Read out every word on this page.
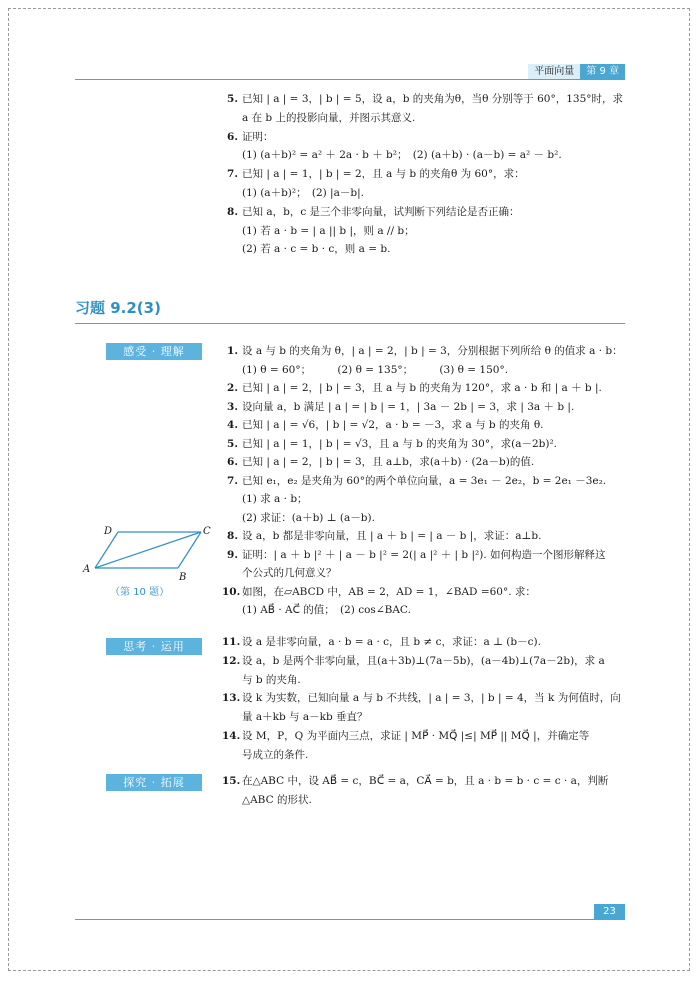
平面向量	第 9 章
5. 已知 | a | = 3，| b | = 5，设 a，b 的夹角为θ，当θ 分别等于 60°，135°时，求
a 在 b 上的投影向量，并图示其意义.
6. 证明：
(1) (a＋b)² = a² ＋ 2a · b ＋ b²；　(2) (a＋b) · (a－b) = a² － b².
7. 已知 | a | = 1，| b | = 2，且 a 与 b 的夹角θ 为 60°，求：
(1) (a＋b)²；　(2) |a－b|.
8. 已知 a，b，c 是三个非零向量，试判断下列结论是否正确：
(1) 若 a · b = | a || b |，则 a // b；
(2) 若 a · c = b · c，则 a = b.
习题 9.2(3)
感受 · 理解
思考 · 运用
探究 · 拓展
1. 设 a 与 b 的夹角为 θ，| a | = 2，| b | = 3，分别根据下列所给 θ 的值求 a · b：
(1) θ = 60°；　　　(2) θ = 135°；　　　(3) θ = 150°.
2. 已知 | a | = 2，| b | = 3，且 a 与 b 的夹角为 120°，求 a · b 和 | a ＋ b |.
3. 设向量 a，b 满足 | a | = | b | = 1，| 3a － 2b | = 3，求 | 3a ＋ b |.
4. 已知 | a | = √6，| b | = √2，a · b = －3，求 a 与 b 的夹角 θ.
5. 已知 | a | = 1，| b | = √3，且 a 与 b 的夹角为 30°，求(a－2b)².
6. 已知 | a | = 2，| b | = 3，且 a⊥b，求(a＋b) · (2a－b)的值.
7. 已知 e₁，e₂ 是夹角为 60°的两个单位向量，a = 3e₁ － 2e₂，b = 2e₁ －3e₂.
(1) 求 a · b；
(2) 求证：(a＋b) ⊥ (a－b).
8. 设 a，b 都是非零向量，且 | a ＋ b | = | a － b |，求证：a⊥b.
9. 证明：| a ＋ b |² ＋ | a － b |² = 2(| a |² ＋ | b |²). 如何构造一个图形解释这
个公式的几何意义？
10. 如图，在▱ABCD 中，AB = 2，AD = 1，∠BAD =60°. 求：
(1) AB⃗ · AC⃗ 的值；　(2) cos∠BAC.
11. 设 a 是非零向量，a · b = a · c，且 b ≠ c，求证：a ⊥ (b－c).
12. 设 a，b 是两个非零向量，且(a＋3b)⊥(7a－5b)，(a－4b)⊥(7a－2b)，求 a
与 b 的夹角.
13. 设 k 为实数，已知向量 a 与 b 不共线，| a | = 3，| b | = 4，当 k 为何值时，向
量 a＋kb 与 a－kb 垂直？
14. 设 M，P，Q 为平面内三点，求证 | MP⃗ · MQ⃗ |≤| MP⃗ || MQ⃗ |，并确定等
号成立的条件.
15. 在△ABC 中，设 AB⃗ = c，BC⃗ = a，CA⃗ = b，且 a · b = b · c = c · a，判断
△ABC 的形状.
A
B
C
D
（第 10 题）
23
